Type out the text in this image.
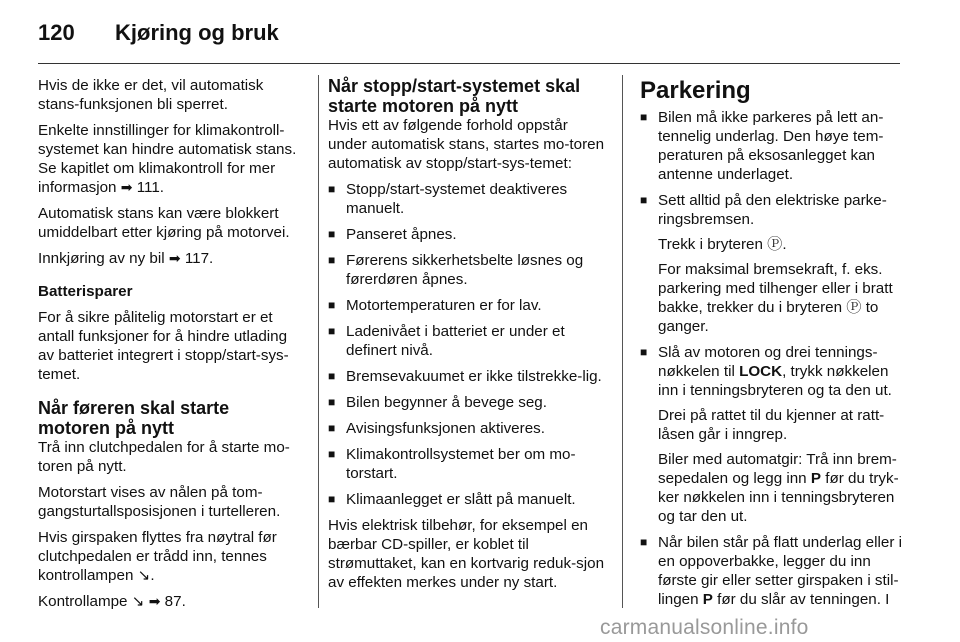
120 Kjøring og bruk

Hvis de ikke er det, vil automatisk stans-funksjonen bli sperret.

Enkelte innstillinger for klimakontroll-systemet kan hindre automatisk stans. Se kapitlet om klimakontroll for mer informasjon ➡ 111.

Automatisk stans kan være blokkert umiddelbart etter kjøring på motorvei.

Innkjøring av ny bil ➡ 117.

Batterisparer

For å sikre pålitelig motorstart er et antall funksjoner for å hindre utlading av batteriet integrert i stopp/start-sys-temet.

Når føreren skal starte motoren på nytt

Trå inn clutchpedalen for å starte mo-toren på nytt.

Motorstart vises av nålen på tom-gangsturtallsposisjonen i turtelleren.

Hvis girspaken flyttes fra nøytral før clutchpedalen er trådd inn, tennes kontrollampen ↘.

Kontrollampe ↘ ➡ 87.

Når stopp/start-systemet skal starte motoren på nytt

Hvis ett av følgende forhold oppstår under automatisk stans, startes mo-toren automatisk av stopp/start-sys-temet:

■ Stopp/start-systemet deaktiveres manuelt.
■ Panseret åpnes.
■ Førerens sikkerhetsbelte løsnes og førerdøren åpnes.
■ Motortemperaturen er for lav.
■ Ladenivået i batteriet er under et definert nivå.
■ Bremsevakuumet er ikke tilstrekke-lig.
■ Bilen begynner å bevege seg.
■ Avisingsfunksjonen aktiveres.
■ Klimakontrollsystemet ber om mo-torstart.
■ Klimaanlegget er slått på manuelt.

Hvis elektrisk tilbehør, for eksempel en bærbar CD-spiller, er koblet til strømuttaket, kan en kortvarig reduk-sjon av effekten merkes under ny start.

Parkering
■ Bilen må ikke parkeres på lett an-tennelig underlag. Den høye tem-peraturen på eksosanlegget kan antenne underlaget.
■ Sett alltid på den elektriske parke-ringsbremsen.
Trekk i bryteren Ⓟ.
For maksimal bremsekraft, f. eks. parkering med tilhenger eller i bratt bakke, trekker du i bryteren Ⓟ to ganger.
■ Slå av motoren og drei tennings-nøkkelen til LOCK, trykk nøkkelen inn i tenningsbryteren og ta den ut.
Drei på rattet til du kjenner at ratt-låsen går i inngrep.
Biler med automatgir: Trå inn brem-sepedalen og legg inn P før du tryk-ker nøkkelen inn i tenningsbryteren og tar den ut.
■ Når bilen står på flatt underlag eller i en oppoverbakke, legger du inn første gir eller setter girspaken i stil-lingen P før du slår av tenningen. I
carmanualsonline.info
